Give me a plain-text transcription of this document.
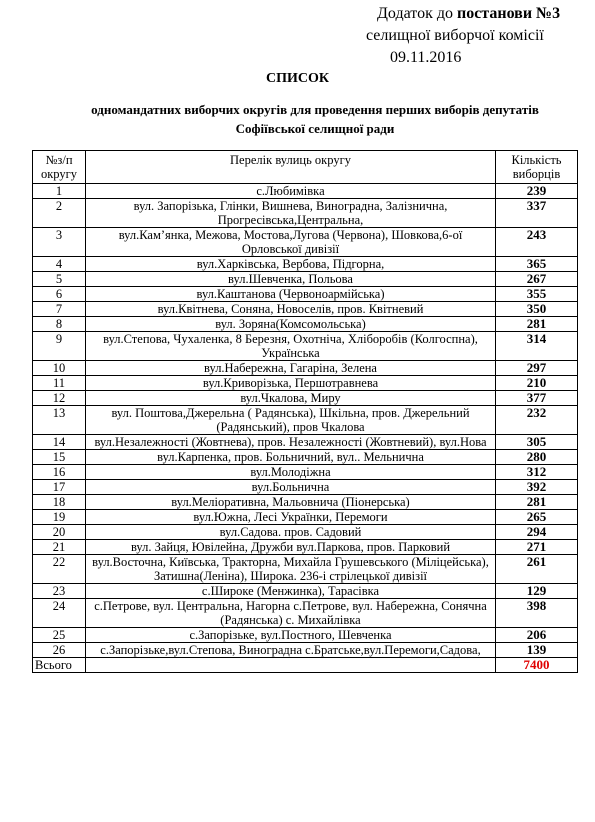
Додаток до постанови №3
селищної виборчої комісії
09.11.2016
СПИСОК
одномандатних виборчих округів для проведення перших виборів депутатів
Софіївської селищної ради
№з/п округу	Перелік вулиць округу	Кількість виборців
1	с.Любимівка	239
2	вул. Запорізька, Глінки, Вишнева, Виноградна, Залізнична, Прогресівська,Центральна,	337
3	вул.Кам’янка, Межова, Мостова,Лугова (Червона), Шовкова,6-ої Орловської дивізії	243
4	вул.Харківська, Вербова, Підгорна,	365
5	вул.Шевченка, Польова	267
6	вул.Каштанова (Червоноармійська)	355
7	вул.Квітнева, Соняна, Новоселів, пров. Квітневий	350
8	вул. Зоряна(Комсомольська)	281
9	вул.Степова, Чухаленка, 8 Березня, Охотнічa, Хліборобів (Колгоспна), Українська	314
10	вул.Набережна, Гагаріна, Зелена	297
11	вул.Криворізька, Першотравнева	210
12	вул.Чкалова, Миру	377
13	вул. Поштова,Джерельна ( Радянська), Шкільна, пров. Джерельний (Радянський), пров Чкалова	232
14	вул.Незалежності (Жовтнева), пров. Незалежності (Жовтневий), вул.Нова	305
15	вул.Карпенка, пров. Больничний, вул.. Мельнична	280
16	вул.Молодіжна	312
17	вул.Больнична	392
18	вул.Меліоративна, Мальовнича (Піонерська)	281
19	вул.Южна, Лесі Українки, Перемоги	265
20	вул.Садова. пров. Садовий	294
21	вул. Зайця, Ювілейна, Дружби вул.Паркова, пров. Парковий	271
22	вул.Восточна, Київська, Тракторна, Михайла Грушевського (Міліцейська), Затишна(Леніна), Широка. 236-і стрілецької дивізії	261
23	с.Широке (Менжинка), Тарасівка	129
24	с.Петрове, вул. Центральна, Нагорна с.Петрове, вул. Набережна, Сонячна (Радянська) с. Михайлівка	398
25	с.Запорізьке, вул.Постного, Шевченка	206
26	с.Запорізьке,вул.Степова, Виноградна с.Братське,вул.Перемоги,Садова,	139
Всього		7400
